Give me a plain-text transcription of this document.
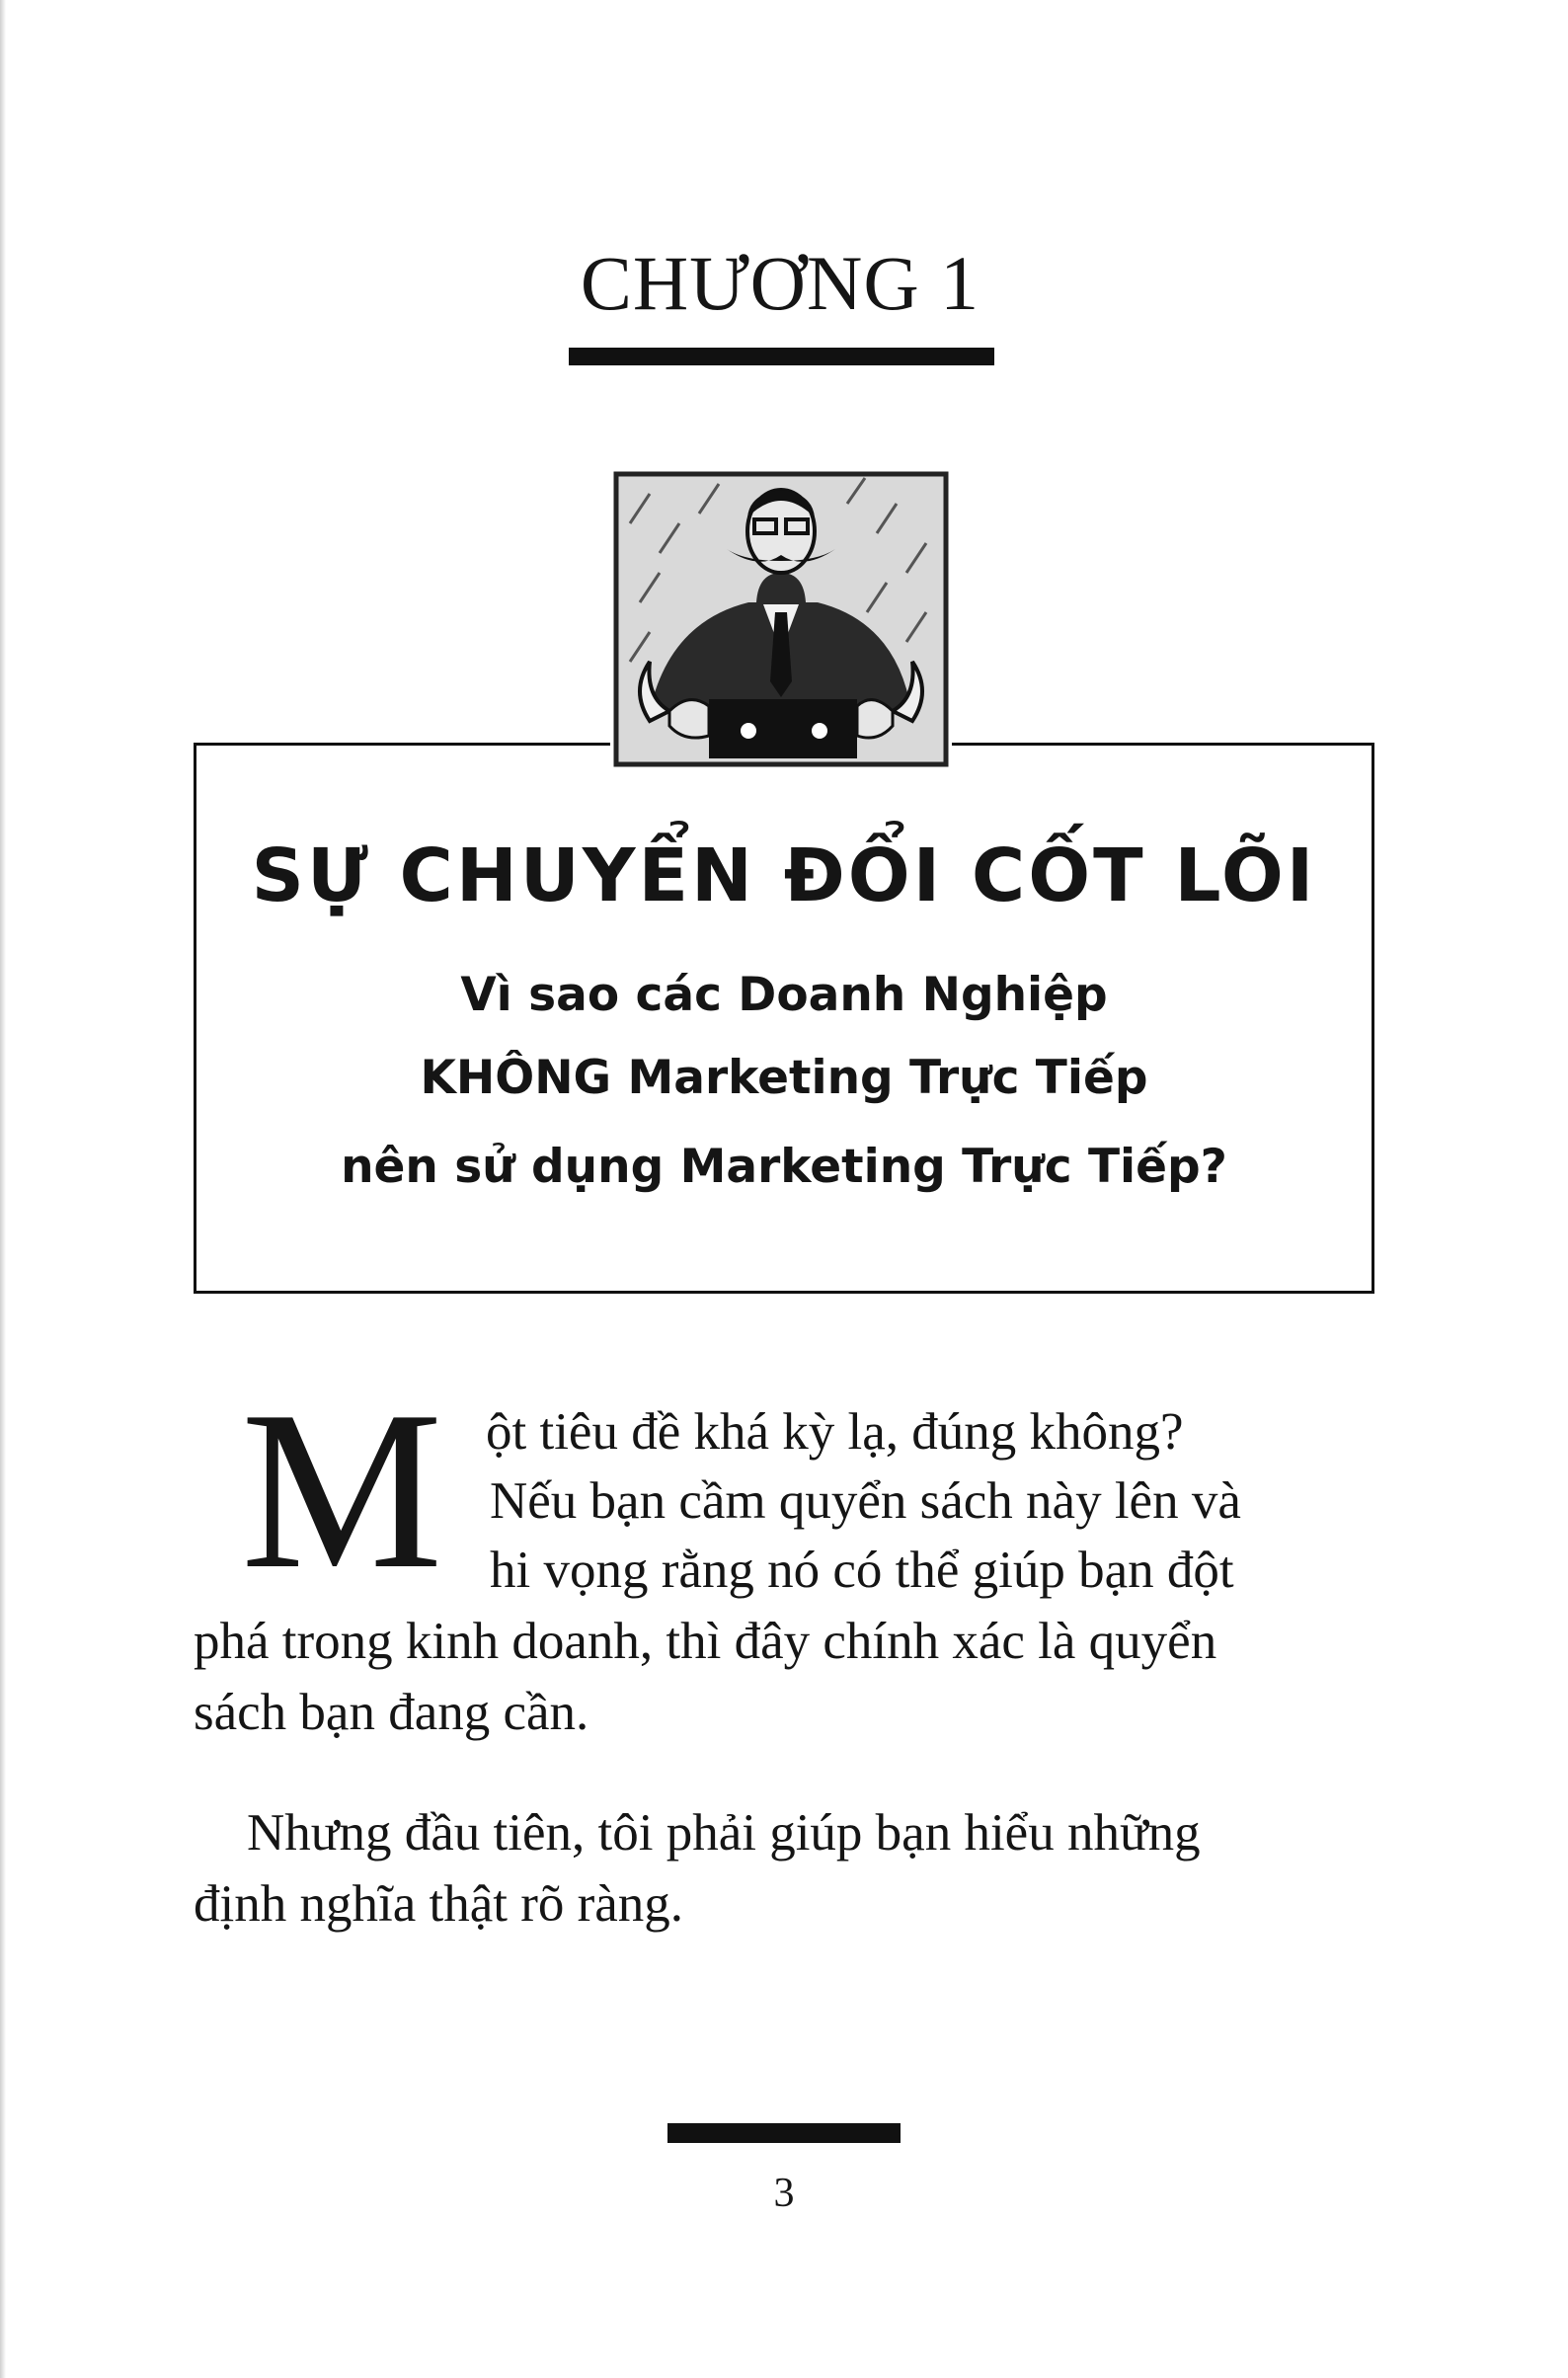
CHƯƠNG 1
SỰ CHUYỂN ĐỔI CỐT LÕI
Vì sao các Doanh Nghiệp
KHÔNG Marketing Trực Tiếp
nên sử dụng Marketing Trực Tiếp?
M ột tiêu đề khá kỳ lạ, đúng không?
Nếu bạn cầm quyển sách này lên và
hi vọng rằng nó có thể giúp bạn đột
phá trong kinh doanh, thì đây chính xác là quyển
sách bạn đang cần.
Nhưng đầu tiên, tôi phải giúp bạn hiểu những
định nghĩa thật rõ ràng.
3
